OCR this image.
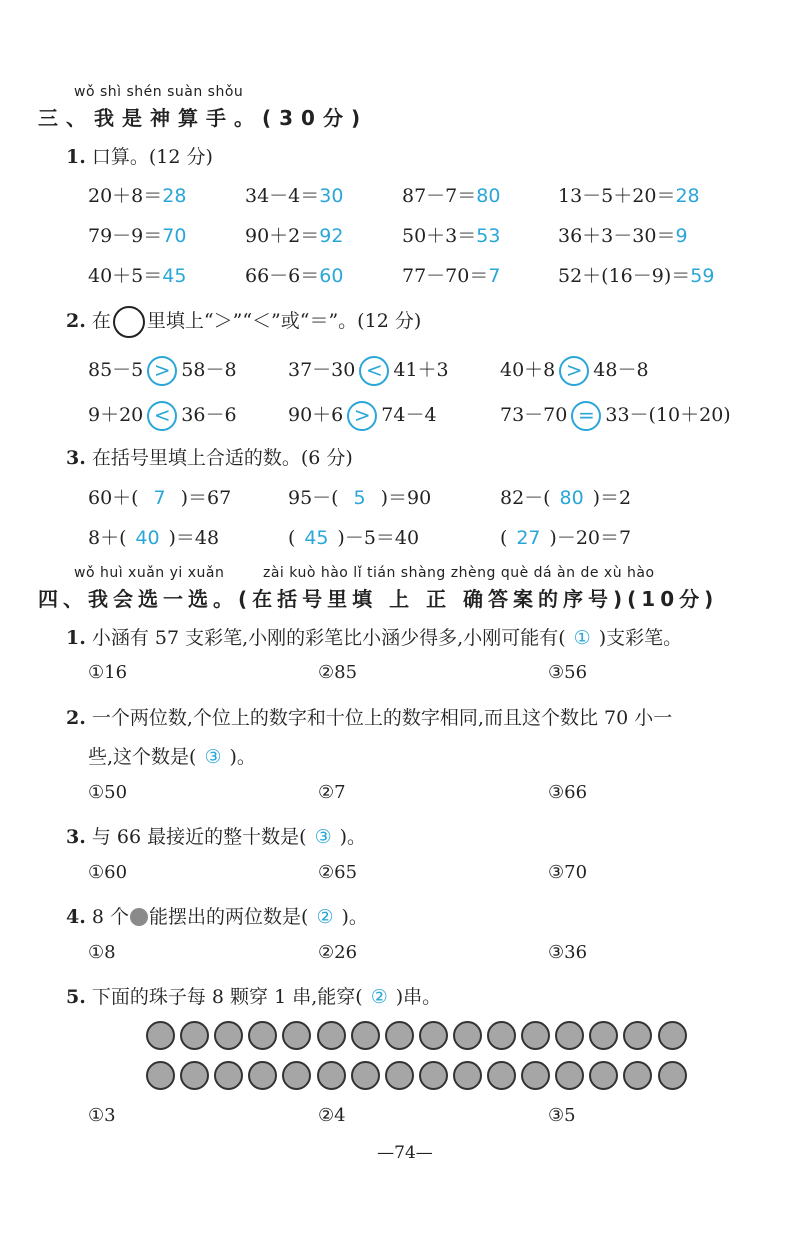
wǒ shì shén suàn shǒu
三、我是神算手。(30分)
1. 口算。(12 分)
20＋8＝28	34－4＝30	87－7＝80	13－5＋20＝28
79－9＝70	90＋2＝92	50＋3＝53	36＋3－30＝9
40＋5＝45	66－6＝60	77－70＝7	52＋(16－9)＝59
2. 在 里填上“＞”“＜”或“＝”。(12 分)
85－5 > 58－8	37－30 < 41＋3	40＋8 > 48－8
9＋20 < 36－6	90＋6 > 74－4	73－70 = 33－(10＋20)
3. 在括号里填上合适的数。(6 分)
60＋( 7 )＝67	95－( 5 )＝90	82－( 80 )＝2
8＋( 40 )＝48	( 45 )－5＝40	( 27 )－20＝7
wǒ huì xuǎn yi xuǎn	zài kuò hào lǐ tián shàng zhèng què dá àn de xù hào
四、我会选一选。(在括号里填 上 正 确答案的序号)(10分)
1. 小涵有 57 支彩笔,小刚的彩笔比小涵少得多,小刚可能有( ① )支彩笔。
①16	②85	③56
2. 一个两位数,个位上的数字和十位上的数字相同,而且这个数比 70 小一
些,这个数是( ③ )。
①50	②7	③66
3. 与 66 最接近的整十数是( ③ )。
①60	②65	③70
4. 8 个 能摆出的两位数是( ② )。
①8	②26	③36
5. 下面的珠子每 8 颗穿 1 串,能穿( ② )串。
①3	②4	③5
—74—
